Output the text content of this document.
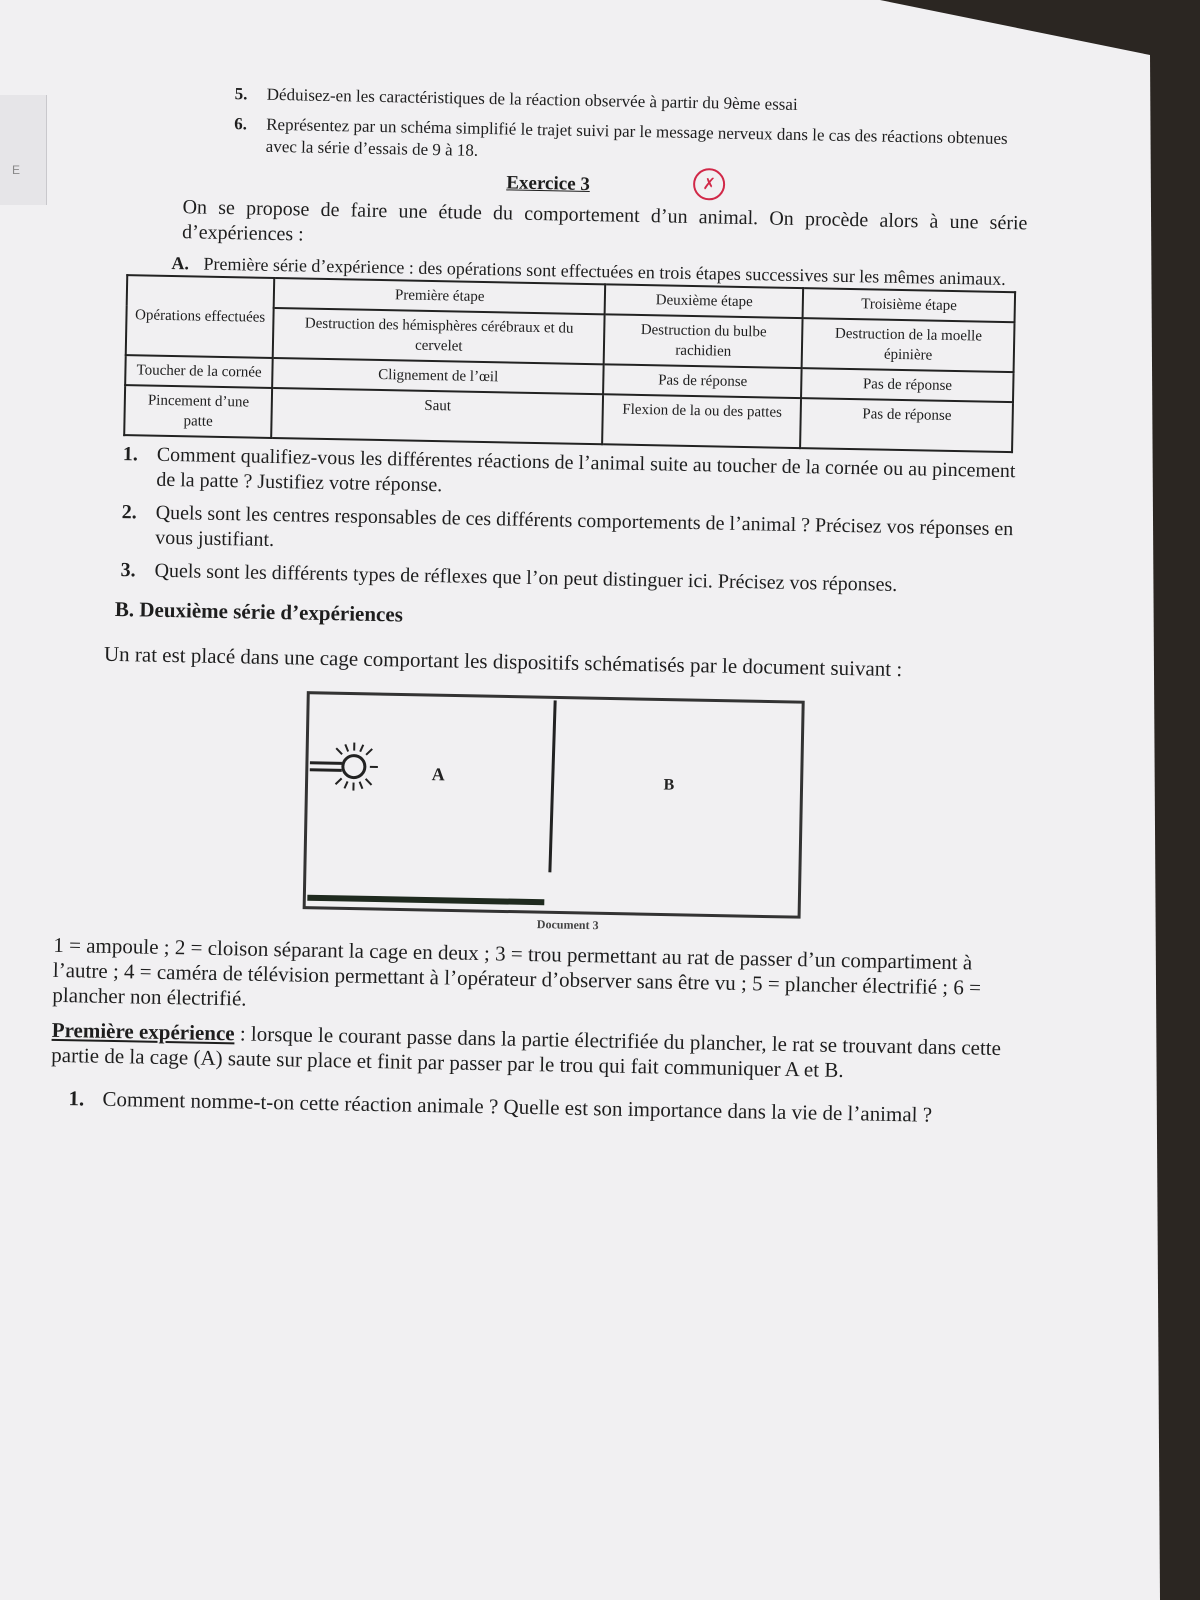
E
5.	Déduisez-en les caractéristiques de la réaction observée à partir du 9ème essai
6.	Représentez par un schéma simplifié le trajet suivi par le message nerveux dans le cas des réactions obtenues avec la série d’essais de 9 à 18.
Exercice 3	✗

On se propose de faire une étude du comportement d’un animal. On procède alors à une série d’expériences :

A. Première série d’expérience : des opérations sont effectuées en trois étapes successives sur les mêmes animaux.
Opérations effectuées	Première étape	Deuxième étape	Troisième étape
	Destruction des hémisphères cérébraux et du cervelet	Destruction du bulbe rachidien	Destruction de la moelle épinière
Toucher de la cornée	Clignement de l’œil	Pas de réponse	Pas de réponse
Pincement d’une patte	Saut	Flexion de la ou des pattes	Pas de réponse
1. Comment qualifiez-vous les différentes réactions de l’animal suite au toucher de la cornée ou au pincement de la patte ? Justifiez votre réponse.
2. Quels sont les centres responsables de ces différents comportements de l’animal ? Précisez vos réponses en vous justifiant.
3. Quels sont les différents types de réflexes que l’on peut distinguer ici. Précisez vos réponses.

B. Deuxième série d’expériences

Un rat est placé dans une cage comportant les dispositifs schématisés par le document suivant :

A
B
Document 3

1 = ampoule ; 2 = cloison séparant la cage en deux ; 3 = trou permettant au rat de passer d’un compartiment à l’autre ; 4 = caméra de télévision permettant à l’opérateur d’observer sans être vu ; 5 = plancher électrifié ; 6 = plancher non électrifié.

Première expérience : lorsque le courant passe dans la partie électrifiée du plancher, le rat se trouvant dans cette partie de la cage (A) saute sur place et finit par passer par le trou qui fait communiquer A et B.

1. Comment nomme-t-on cette réaction animale ? Quelle est son importance dans la vie de l’animal ?
